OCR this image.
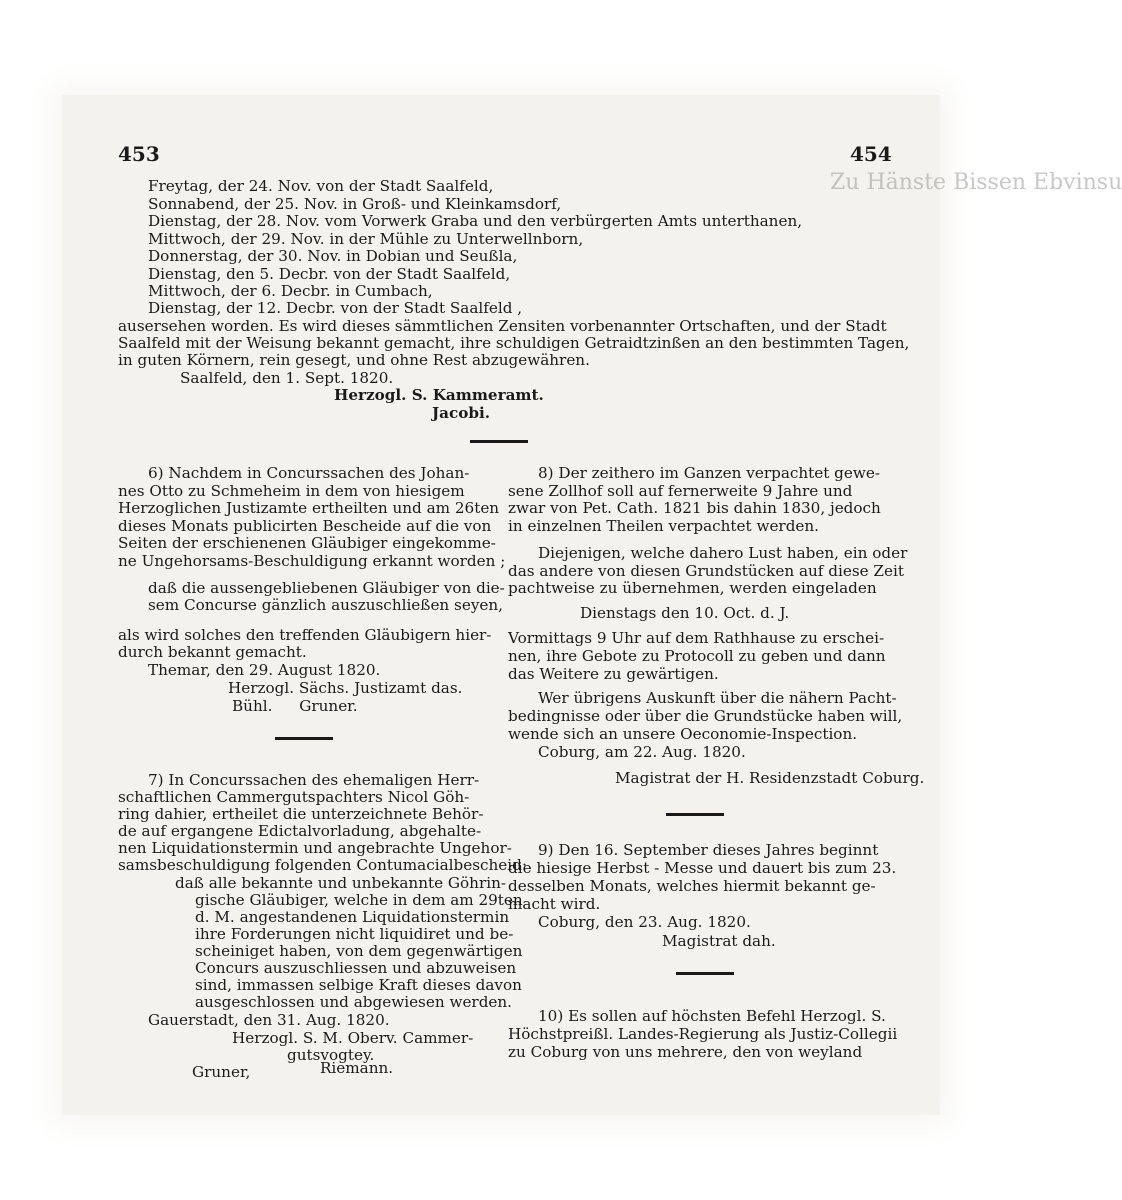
Zu Hänste Bissen Ebvinsu
453	454
Freytag, der 24. Nov. von der Stadt Saalfeld,
Sonnabend, der 25. Nov. in Groß- und Kleinkamsdorf,
Dienstag, der 28. Nov. vom Vorwerk Graba und den verbürgerten Amts unterthanen,
Mittwoch, der 29. Nov. in der Mühle zu Unterwellnborn,
Donnerstag, der 30. Nov. in Dobian und Seußla,
Dienstag, den 5. Decbr. von der Stadt Saalfeld,
Mittwoch, der 6. Decbr. in Cumbach,
Dienstag, der 12. Decbr. von der Stadt Saalfeld ,
ausersehen worden. Es wird dieses sämmtlichen Zensiten vorbenannter Ortschaften, und der Stadt
Saalfeld mit der Weisung bekannt gemacht, ihre schuldigen Getraidtzinßen an den bestimmten Tagen,
in guten Körnern, rein gesegt, und ohne Rest abzugewähren.
Saalfeld, den 1. Sept. 1820.
Herzogl. S. Kammeramt.
Jacobi.
6) Nachdem in Concurssachen des Johan-
nes Otto zu Schmeheim in dem von hiesigem
Herzoglichen Justizamte ertheilten und am 26ten
dieses Monats publicirten Bescheide auf die von
Seiten der erschienenen Gläubiger eingekomme-
ne Ungehorsams-Beschuldigung erkannt worden ;
daß die aussengebliebenen Gläubiger von die-
sem Concurse gänzlich auszuschließen seyen,
als wird solches den treffenden Gläubigern hier-
durch bekannt gemacht.
Themar, den 29. August 1820.
Herzogl. Sächs. Justizamt das.
Bühl. Gruner.
7) In Concurssachen des ehemaligen Herr-
schaftlichen Cammergutspachters Nicol Göh-
ring dahier, ertheilet die unterzeichnete Behör-
de auf ergangene Edictalvorladung, abgehalte-
nen Liquidationstermin und angebrachte Ungehor-
samsbeschuldigung folgenden Contumacialbescheid:
daß alle bekannte und unbekannte Göhrin-
gische Gläubiger, welche in dem am 29ten
d. M. angestandenen Liquidationstermin
ihre Forderungen nicht liquidiret und be-
scheiniget haben, von dem gegenwärtigen
Concurs auszuschliessen und abzuweisen
sind, immassen selbige Kraft dieses davon
ausgeschlossen und abgewiesen werden.
Gauerstadt, den 31. Aug. 1820.
Herzogl. S. M. Oberv. Cammer-
gutsvogtey.
Gruner,	Riemann.
8) Der zeithero im Ganzen verpachtet gewe-
sene Zollhof soll auf fernerweite 9 Jahre und
zwar von Pet. Cath. 1821 bis dahin 1830, jedoch
in einzelnen Theilen verpachtet werden.
Diejenigen, welche dahero Lust haben, ein oder
das andere von diesen Grundstücken auf diese Zeit
pachtweise zu übernehmen, werden eingeladen
Dienstags den 10. Oct. d. J.
Vormittags 9 Uhr auf dem Rathhause zu erschei-
nen, ihre Gebote zu Protocoll zu geben und dann
das Weitere zu gewärtigen.
Wer übrigens Auskunft über die nähern Pacht-
bedingnisse oder über die Grundstücke haben will,
wende sich an unsere Oeconomie-Inspection.
Coburg, am 22. Aug. 1820.
Magistrat der H. Residenzstadt Coburg.
9) Den 16. September dieses Jahres beginnt
die hiesige Herbst - Messe und dauert bis zum 23.
desselben Monats, welches hiermit bekannt ge-
macht wird.
Coburg, den 23. Aug. 1820.
Magistrat dah.
10) Es sollen auf höchsten Befehl Herzogl. S.
Höchstpreißl. Landes-Regierung als Justiz-Collegii
zu Coburg von uns mehrere, den von weyland
